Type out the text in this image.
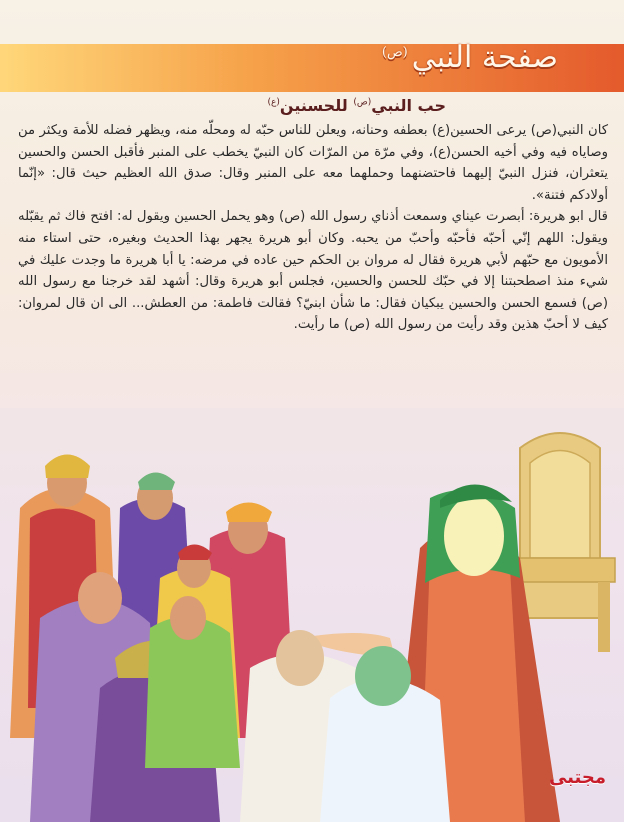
صفحة النبي$^{(ص)}$
حب النبي$^{(ص)}$ للحسنين$^{(ع)}$

كان النبي(ص) يرعى الحسين(ع) بعطفه وحنانه، ويعلن للناس حبّه له ومحلّه منه، ويظهر فضله للأمة ويكثر من وصاياه فيه وفي أخيه الحسن(ع)، وفي مرّة من المرّات كان النبيّ يخطب على المنبر فأقبل الحسن والحسين يتعثران، فنزل النبيّ إليهما فاحتضنهما وحملهما معه على المنبر وقال: صدق الله العظيم حيث قال: «إنّما أولادكم فتنة».

قال ابو هريرة: أبصرت عيناي وسمعت أذناي رسول الله (ص) وهو يحمل الحسين ويقول له: افتح فاك ثم يقبّله ويقول: اللهم إنّي أحبّه فأحبّه وأحبّ من يحبه. وكان أبو هريرة يجهر بهذا الحديث وبغيره، حتى استاء منه الأمويون مع حبّهم لأبي هريرة فقال له مروان بن الحكم حين عاده في مرضه: يا أبا هريرة ما وجدت عليك في شيء منذ اصطحبتنا إلا في حبّك للحسن والحسين، فجلس أبو هريرة وقال: أشهد لقد خرجنا مع رسول الله (ص) فسمع الحسن والحسين يبكيان فقال: ما شأن ابنيّ؟ فقالت فاطمة: من العطش... الى ان قال لمروان: كيف لا أحبّ هذين وقد رأيت من رسول الله (ص) ما رأيت.

مجتبى
